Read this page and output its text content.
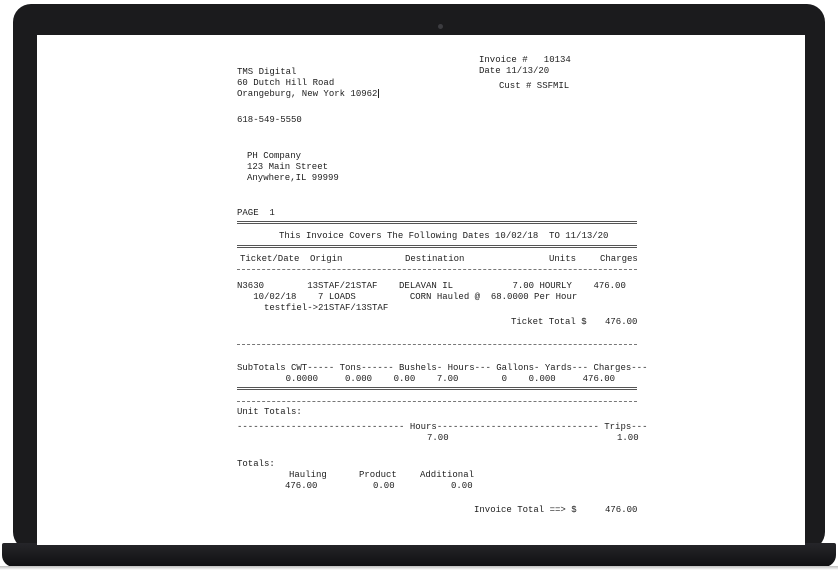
Invoice #   10134
Date 11/13/20
Cust # SSFMIL
TMS Digital
60 Dutch Hill Road
Orangeburg, New York 10962
618-549-5550
PH Company
123 Main Street
Anywhere,IL 99999
PAGE  1
This Invoice Covers The Following Dates 10/02/18  TO 11/13/20
Ticket/Date Origin	Destination	Units	Charges
N3630        13STAF/21STAF    DELAVAN IL           7.00 HOURLY    476.00
10/02/18    7 LOADS          CORN Hauled @  68.0000 Per Hour
testfiel->21STAF/13STAF
Ticket Total $ 476.00
SubTotals CWT----- Tons------ Bushels- Hours--- Gallons- Yards--- Charges---
0.0000     0.000    0.00    7.00        0    0.000     476.00
Unit Totals:
------------------------------- Hours------------------------------ Trips---
7.00	1.00
Totals:
Hauling	Product	Additional
476.00	0.00	0.00
Invoice Total ==> $	476.00
